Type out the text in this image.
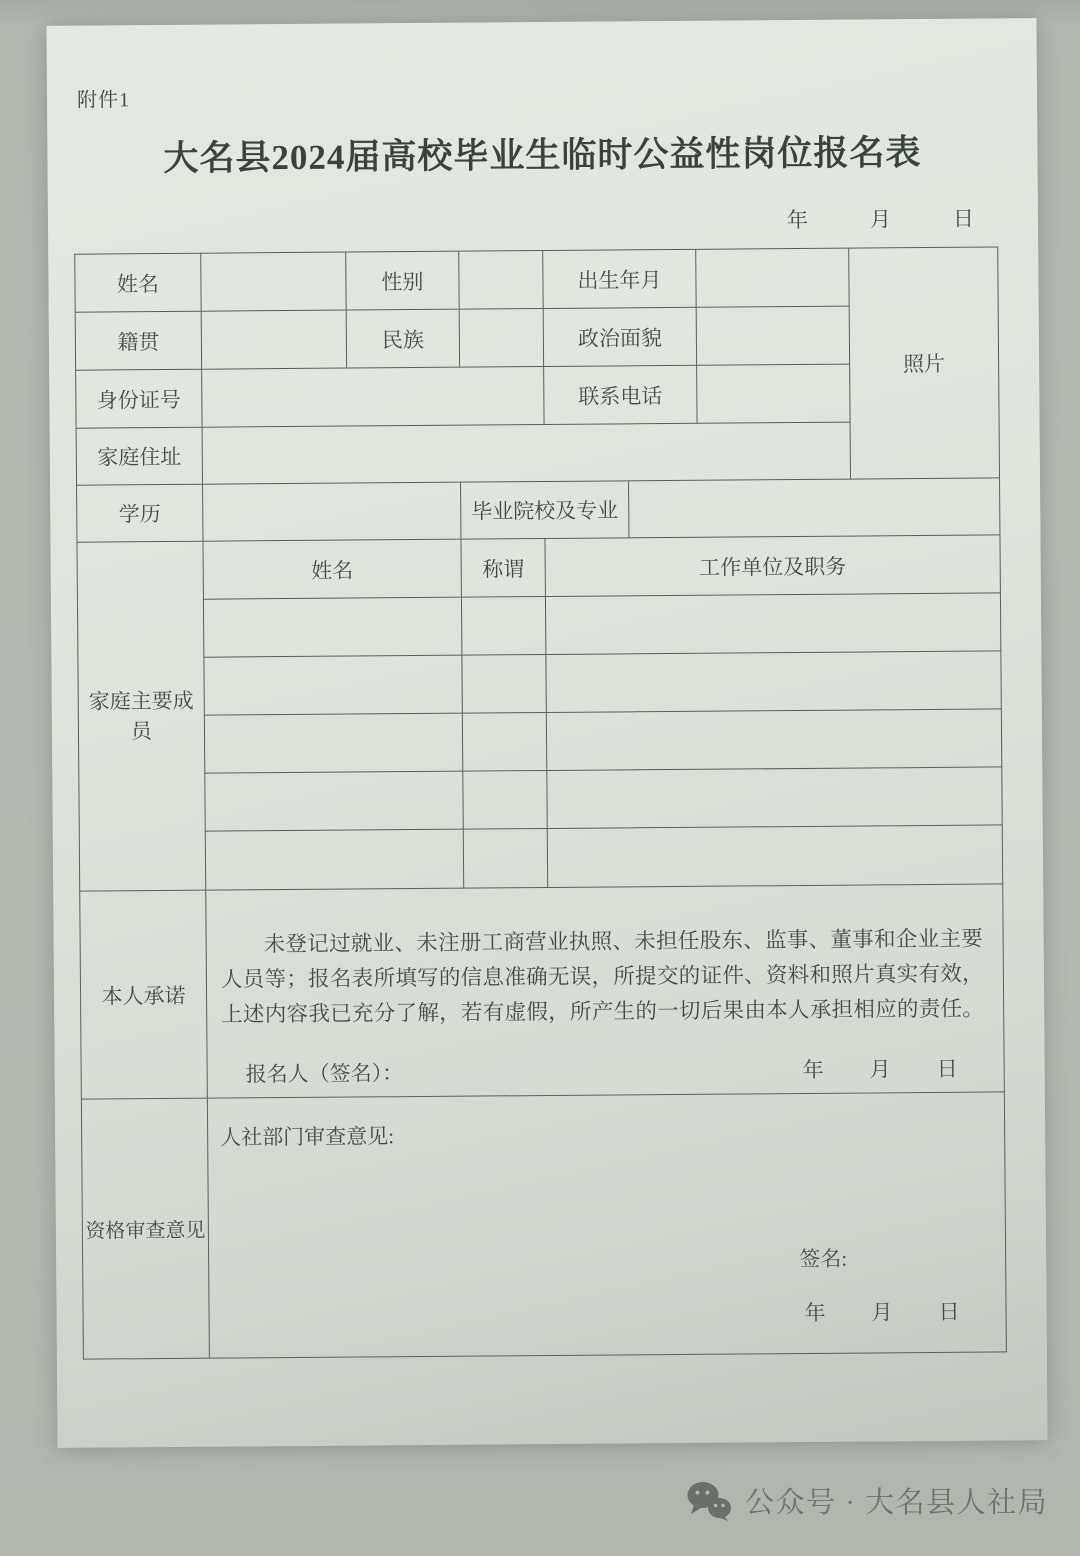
附件1
大名县2024届高校毕业生临时公益性岗位报名表
年	月	日
姓名		性别		出生年月			照片
籍贯		民族		政治面貌			
身份证号				联系电话			
家庭住址							
学历			毕业院校及专业				

家庭主要成员	姓名		称谓	工作单位及职务			

本人承诺	未登记过就业、未注册工商营业执照、未担任股东、监事、董事和企业主要人员等；报名表所填写的信息准确无误，所提交的证件、资料和照片真实有效，上述内容我已充分了解，若有虚假，所产生的一切后果由本人承担相应的责任。

报名人（签名）： 年 月 日						

资格审查意见	人社部门审查意见:
签名:
年 月 日						
公众号 · 大名县人社局
